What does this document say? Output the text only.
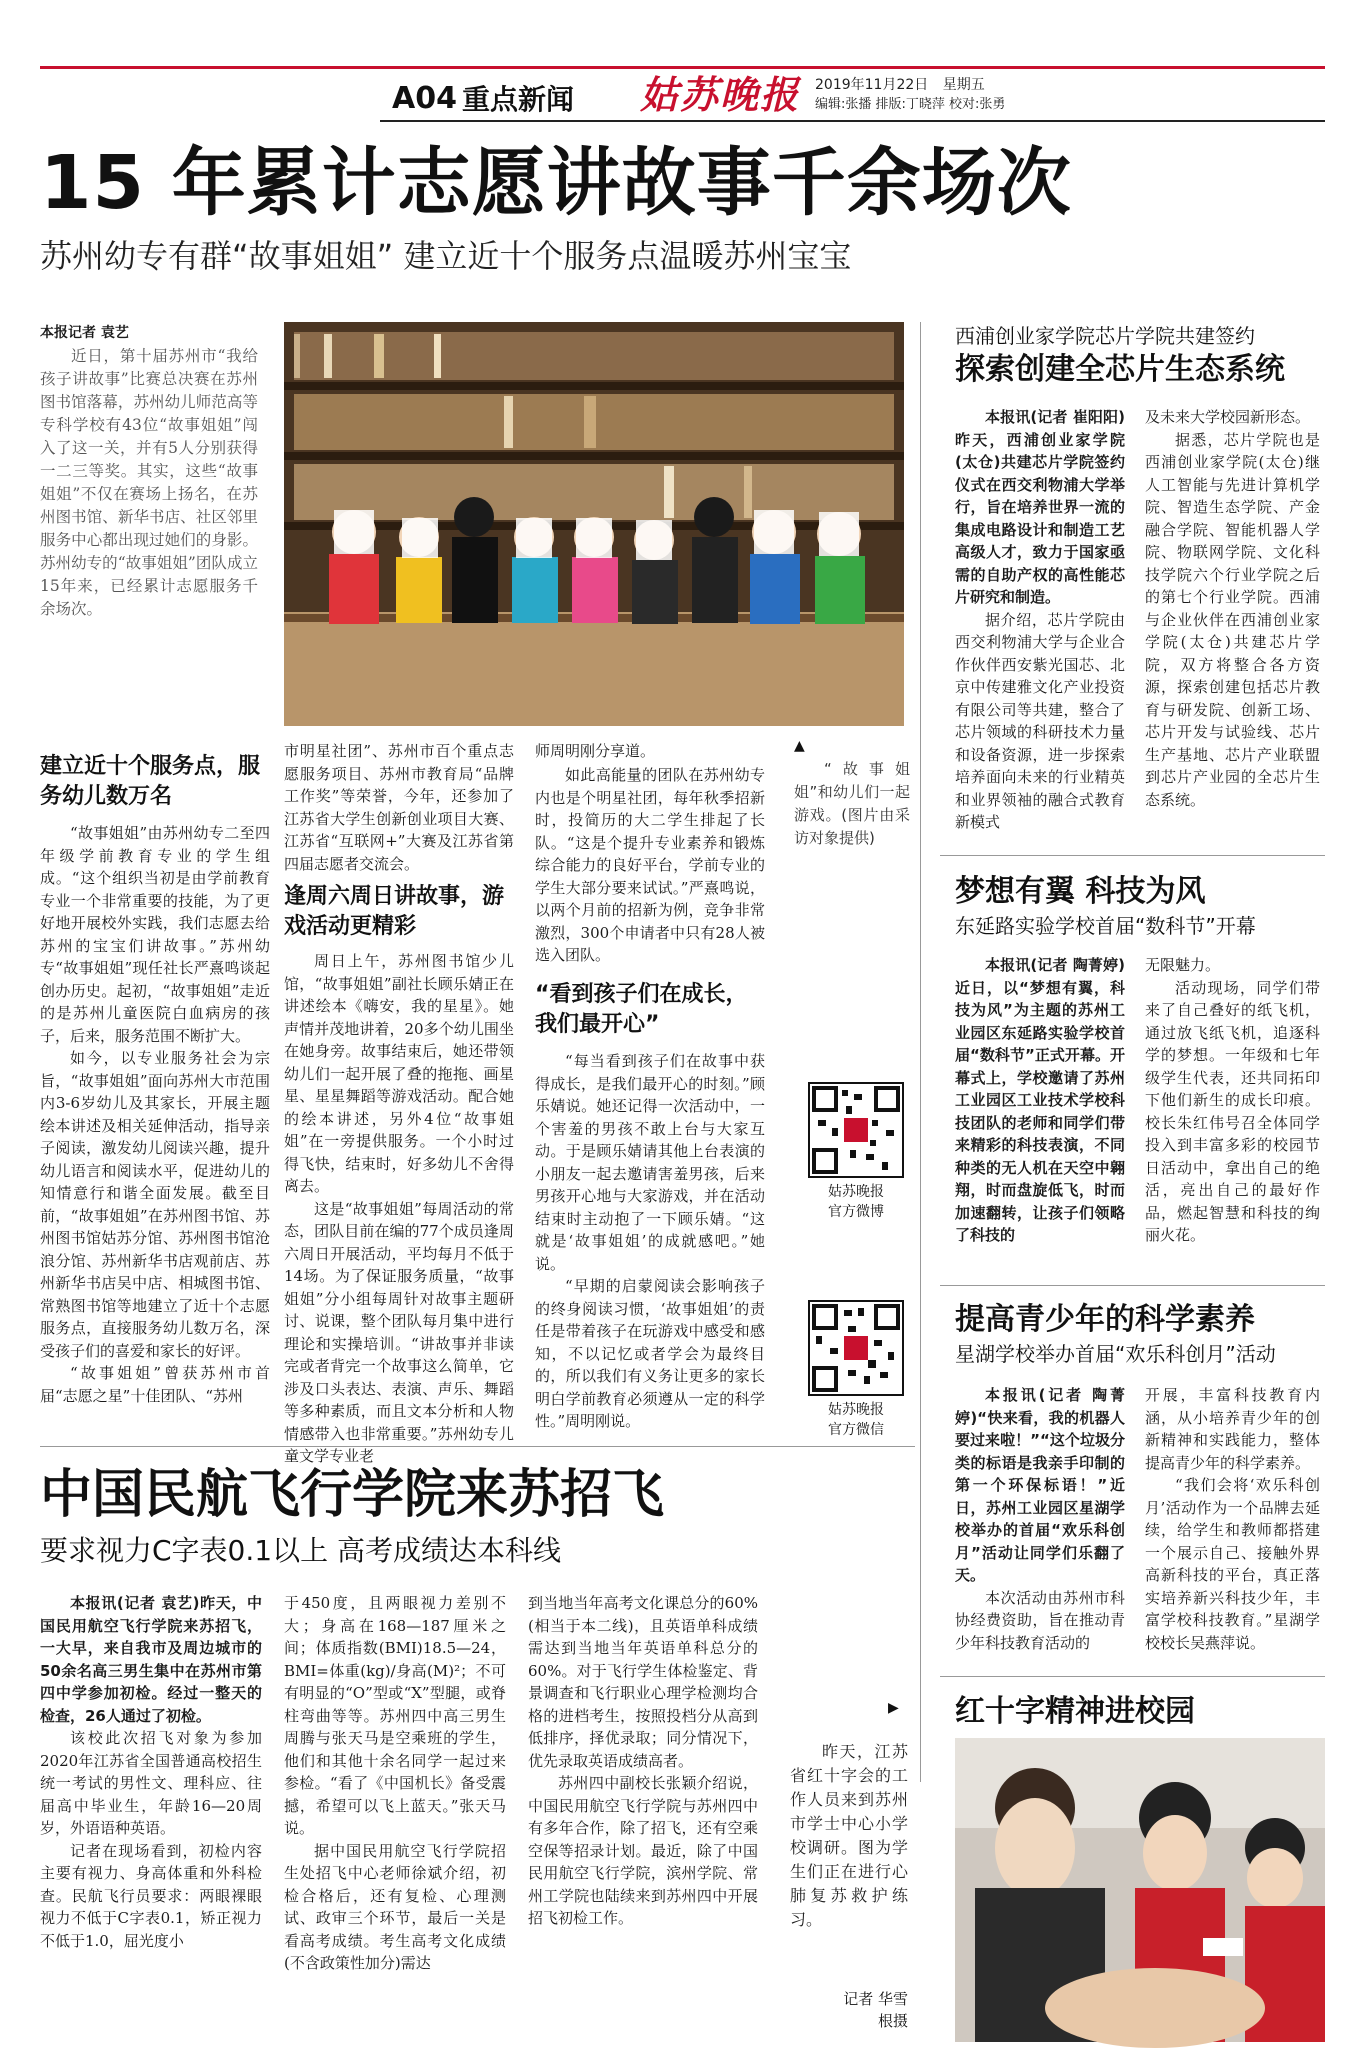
A04 重点新闻 姑苏晚报 2019年11月22日 星期五
编辑:张播 排版:丁晓萍 校对:张勇
15 年累计志愿讲故事千余场次
苏州幼专有群“故事姐姐” 建立近十个服务点温暖苏州宝宝

本报记者 袁艺

近日，第十届苏州市“我给孩子讲故事”比赛总决赛在苏州图书馆落幕，苏州幼儿师范高等专科学校有43位“故事姐姐”闯入了这一关，并有5人分别获得一二三等奖。其实，这些“故事姐姐”不仅在赛场上扬名，在苏州图书馆、新华书店、社区邻里服务中心都出现过她们的身影。苏州幼专的“故事姐姐”团队成立15年来，已经累计志愿服务千余场次。

▲

“故事姐姐”和幼儿们一起游戏。(图片由采访对象提供)

建立近十个服务点，服务幼儿数万名

“故事姐姐”由苏州幼专二至四年级学前教育专业的学生组成。“这个组织当初是由学前教育专业一个非常重要的技能，为了更好地开展校外实践，我们志愿去给苏州的宝宝们讲故事。”苏州幼专“故事姐姐”现任社长严熹鸣谈起创办历史。起初，“故事姐姐”走近的是苏州儿童医院白血病房的孩子，后来，服务范围不断扩大。

如今，以专业服务社会为宗旨，“故事姐姐”面向苏州大市范围内3-6岁幼儿及其家长，开展主题绘本讲述及相关延伸活动，指导亲子阅读，激发幼儿阅读兴趣，提升幼儿语言和阅读水平，促进幼儿的知情意行和谐全面发展。截至目前，“故事姐姐”在苏州图书馆、苏州图书馆姑苏分馆、苏州图书馆沧浪分馆、苏州新华书店观前店、苏州新华书店吴中店、相城图书馆、常熟图书馆等地建立了近十个志愿服务点，直接服务幼儿数万名，深受孩子们的喜爱和家长的好评。

“故事姐姐”曾获苏州市首届“志愿之星”十佳团队、“苏州

市明星社团”、苏州市百个重点志愿服务项目、苏州市教育局“品牌工作奖”等荣誉，今年，还参加了江苏省大学生创新创业项目大赛、江苏省“互联网+”大赛及江苏省第四届志愿者交流会。

逢周六周日讲故事，游戏活动更精彩

周日上午，苏州图书馆少儿馆，“故事姐姐”副社长顾乐婧正在讲述绘本《嗨安，我的星星》。她声情并茂地讲着，20多个幼儿围坐在她身旁。故事结束后，她还带领幼儿们一起开展了叠的拖拖、画星星、星星舞蹈等游戏活动。配合她的绘本讲述，另外4位“故事姐姐”在一旁提供服务。一个小时过得飞快，结束时，好多幼儿不舍得离去。

这是“故事姐姐”每周活动的常态，团队目前在编的77个成员逢周六周日开展活动，平均每月不低于14场。为了保证服务质量，“故事姐姐”分小组每周针对故事主题研讨、说课，整个团队每月集中进行理论和实操培训。“讲故事并非读完或者背完一个故事这么简单，它涉及口头表达、表演、声乐、舞蹈等多种素质，而且文本分析和人物情感带入也非常重要。”苏州幼专儿童文学专业老

师周明刚分享道。

如此高能量的团队在苏州幼专内也是个明星社团，每年秋季招新时，投简历的大二学生排起了长队。“这是个提升专业素养和锻炼综合能力的良好平台，学前专业的学生大部分要来试试。”严熹鸣说，以两个月前的招新为例，竞争非常激烈，300个申请者中只有28人被选入团队。

“看到孩子们在成长，我们最开心”

“每当看到孩子们在故事中获得成长，是我们最开心的时刻。”顾乐婧说。她还记得一次活动中，一个害羞的男孩不敢上台与大家互动。于是顾乐婧请其他上台表演的小朋友一起去邀请害羞男孩，后来男孩开心地与大家游戏，并在活动结束时主动抱了一下顾乐婧。“这就是‘故事姐姐’的成就感吧。”她说。

“早期的启蒙阅读会影响孩子的终身阅读习惯，‘故事姐姐’的责任是带着孩子在玩游戏中感受和感知，不以记忆或者学会为最终目的，所以我们有义务让更多的家长明白学前教育必须遵从一定的科学性。”周明刚说。

姑苏晚报
官方微博
姑苏晚报
官方微信
西浦创业家学院芯片学院共建签约
探索创建全芯片生态系统

本报讯(记者 崔阳阳)昨天，西浦创业家学院(太仓)共建芯片学院签约仪式在西交利物浦大学举行，旨在培养世界一流的集成电路设计和制造工艺高级人才，致力于国家亟需的自助产权的高性能芯片研究和制造。

据介绍，芯片学院由西交利物浦大学与企业合作伙伴西安紫光国芯、北京中传建雅文化产业投资有限公司等共建，整合了芯片领域的科研技术力量和设备资源，进一步探索培养面向未来的行业精英和业界领袖的融合式教育新模式

及未来大学校园新形态。

据悉，芯片学院也是西浦创业家学院(太仓)继人工智能与先进计算机学院、智造生态学院、产金融合学院、智能机器人学院、物联网学院、文化科技学院六个行业学院之后的第七个行业学院。西浦与企业伙伴在西浦创业家学院(太仓)共建芯片学院，双方将整合各方资源，探索创建包括芯片教育与研发院、创新工场、芯片开发与试验线、芯片生产基地、芯片产业联盟到芯片产业园的全芯片生态系统。

梦想有翼 科技为风
东延路实验学校首届“数科节”开幕

本报讯(记者 陶菁婷)近日，以“梦想有翼，科技为风”为主题的苏州工业园区东延路实验学校首届“数科节”正式开幕。开幕式上，学校邀请了苏州工业园区工业技术学校科技团队的老师和同学们带来精彩的科技表演，不同种类的无人机在天空中翱翔，时而盘旋低飞，时而加速翻转，让孩子们领略了科技的

无限魅力。

活动现场，同学们带来了自己叠好的纸飞机，通过放飞纸飞机，追逐科学的梦想。一年级和七年级学生代表，还共同拓印下他们新生的成长印痕。校长朱红伟号召全体同学投入到丰富多彩的校园节日活动中，拿出自己的绝活，亮出自己的最好作品，燃起智慧和科技的绚丽火花。

提高青少年的科学素养
星湖学校举办首届“欢乐科创月”活动

本报讯(记者 陶菁婷)“快来看，我的机器人要过来啦！”“这个垃圾分类的标语是我亲手印制的第一个环保标语！”近日，苏州工业园区星湖学校举办的首届“欢乐科创月”活动让同学们乐翻了天。

本次活动由苏州市科协经费资助，旨在推动青少年科技教育活动的

开展，丰富科技教育内涵，从小培养青少年的创新精神和实践能力，整体提高青少年的科学素养。

“我们会将‘欢乐科创月’活动作为一个品牌去延续，给学生和教师都搭建一个展示自己、接触外界高新科技的平台，真正落实培养新兴科技少年，丰富学校科技教育。”星湖学校校长吴燕萍说。

中国民航飞行学院来苏招飞
要求视力C字表0.1以上 高考成绩达本科线

本报讯(记者 袁艺)昨天，中国民用航空飞行学院来苏招飞，一大早，来自我市及周边城市的50余名高三男生集中在苏州市第四中学参加初检。经过一整天的检查，26人通过了初检。

该校此次招飞对象为参加2020年江苏省全国普通高校招生统一考试的男性文、理科应、往届高中毕业生，年龄16—20周岁，外语语种英语。

记者在现场看到，初检内容主要有视力、身高体重和外科检查。民航飞行员要求：两眼裸眼视力不低于C字表0.1，矫正视力不低于1.0，屈光度小

于450度，且两眼视力差别不大；身高在168—187厘米之间；体质指数(BMI)18.5—24，BMI=体重(kg)/身高(M)²；不可有明显的“O”型或“X”型腿，或脊柱弯曲等等。苏州四中高三男生周腾与张天马是空乘班的学生，他们和其他十余名同学一起过来参检。“看了《中国机长》备受震撼，希望可以飞上蓝天。”张天马说。

据中国民用航空飞行学院招生处招飞中心老师徐斌介绍，初检合格后，还有复检、心理测试、政审三个环节，最后一关是看高考成绩。考生高考文化成绩(不含政策性加分)需达

到当地当年高考文化课总分的60%(相当于本二线)，且英语单科成绩需达到当地当年英语单科总分的60%。对于飞行学生体检鉴定、背景调查和飞行职业心理学检测均合格的进档考生，按照投档分从高到低排序，择优录取；同分情况下，优先录取英语成绩高者。

苏州四中副校长张颖介绍说，中国民用航空飞行学院与苏州四中有多年合作，除了招飞，还有空乘空保等招录计划。最近，除了中国民用航空飞行学院，滨州学院、常州工学院也陆续来到苏州四中开展招飞初检工作。

红十字精神进校园
▶

昨天，江苏省红十字会的工作人员来到苏州市学士中心小学校调研。图为学生们正在进行心肺复苏救护练习。

记者 华雪根摄
